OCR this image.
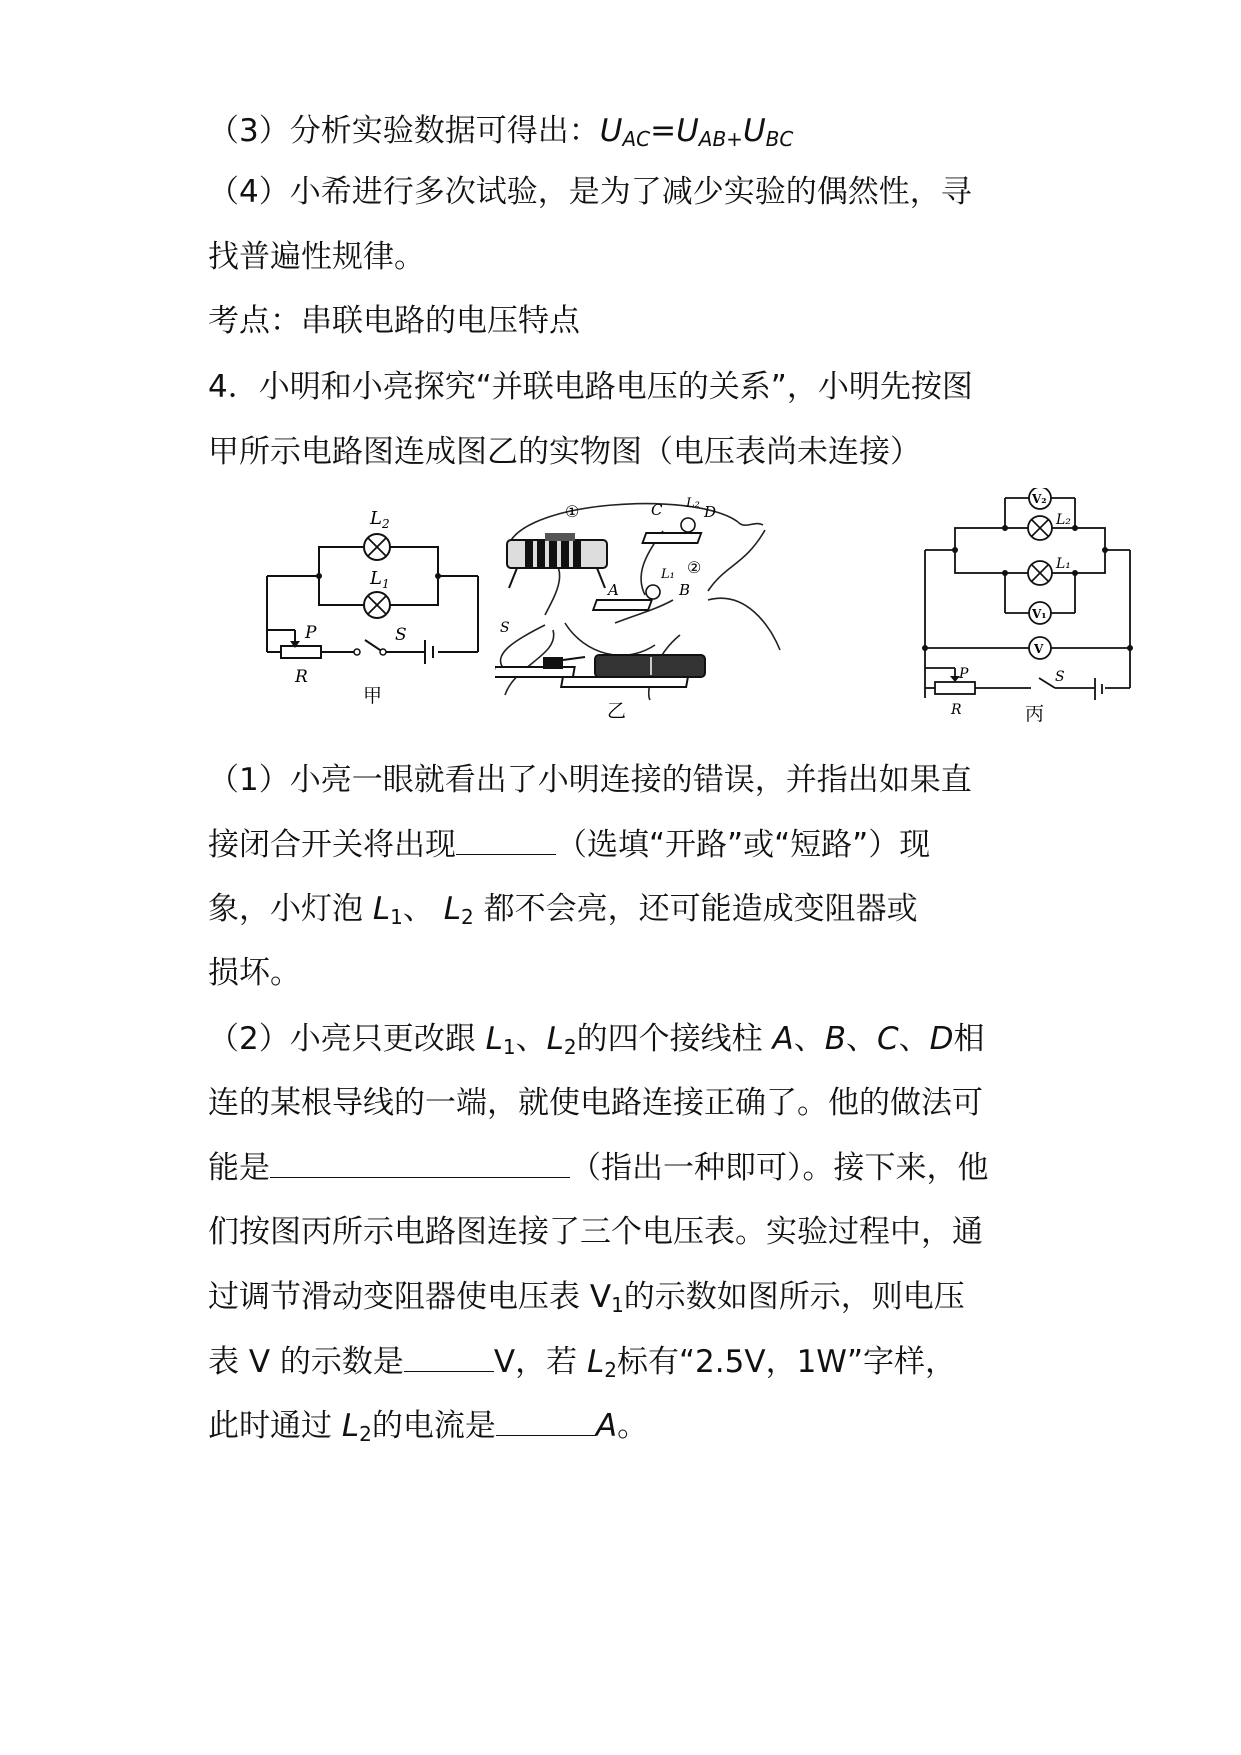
（3）分析实验数据可得出：$U_{AC}=U_{AB+}U_{BC}$
（4）小希进行多次试验，是为了减少实验的偶然性，寻
找普遍性规律。
考点：串联电路的电压特点
4．小明和小亮探究“并联电路电压的关系”，小明先按图
甲所示电路图连成图乙的实物图（电压表尚未连接）
$L_2$
$L_1$
P
R
S
甲
①
②
C	D
L₂
A	B
L₁
S
乙
V₂
V₁
V
L₂
L₁
P
R
S
丙
（1）小亮一眼就看出了小明连接的错误，并指出如果直
接闭合开关将出现	（选填“开路”或“短路”）现
象，小灯泡 $L_1$、 $L_2$ 都不会亮，还可能造成变阻器或
损坏。
（2）小亮只更改跟 $L_1$、$L_2$的四个接线柱 A、B、C、D相
连的某根导线的一端，就使电路连接正确了。他的做法可
能是	（指出一种即可）。接下来，他
们按图丙所示电路图连接了三个电压表。实验过程中，通
过调节滑动变阻器使电压表 $V_1$的示数如图所示，则电压
表 V 的示数是	V，若 $L_2$标有“2.5V，1W”字样，
此时通过 $L_2$的电流是	A。
